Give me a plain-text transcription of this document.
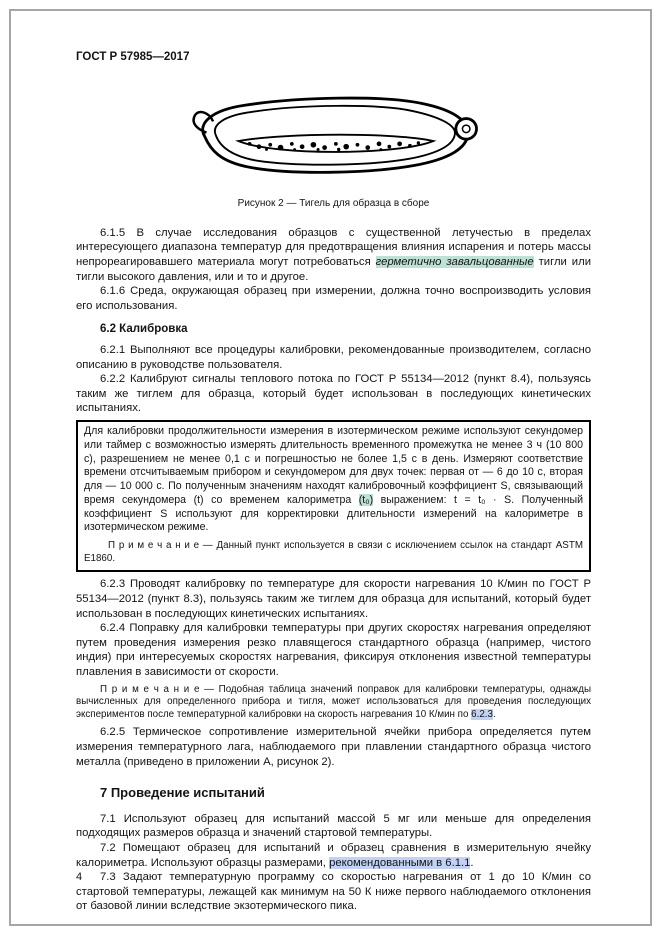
ГОСТ Р 57985—2017
Рисунок 2 — Тигель для образца в сборе

6.1.5 В случае исследования образцов с существенной летучестью в пределах интересующего диапазона температур для предотвращения влияния испарения и потерь массы непрореагировавшего материала могут потребоваться герметично завальцованные тигли или тигли высокого давления, или и то и другое.

6.1.6 Среда, окружающая образец при измерении, должна точно воспроизводить условия его использования.

6.2 Калибровка

6.2.1 Выполняют все процедуры калибровки, рекомендованные производителем, согласно описанию в руководстве пользователя.

6.2.2 Калибруют сигналы теплового потока по ГОСТ Р 55134—2012 (пункт 8.4), пользуясь таким же тиглем для образца, который будет использован в последующих кинетических испытаниях.

Для калибровки продолжительности измерения в изотермическом режиме используют секундомер или таймер с возможностью измерять длительность временного промежутка не менее 3 ч (10 800 с), разрешением не менее 0,1 с и погрешностью не более 1,5 с в день. Измеряют соответствие времени отсчитываемым прибором и секундомером для двух точек: первая от — 6 до 10 с, вторая для — 10 000 с. По полученным значениям находят калибровочный коэффициент S, связывающий время секундомера (t) со временем калориметра (t₀) выражением: t = t₀ · S. Полученный коэффициент S используют для корректировки длительности измерений на калориметре в изотермическом режиме.

П р и м е ч а н и е — Данный пункт используется в связи с исключением ссылок на стандарт ASTM E1860.

6.2.3 Проводят калибровку по температуре для скорости нагревания 10 К/мин по ГОСТ Р 55134—2012 (пункт 8.3), пользуясь таким же тиглем для образца для испытаний, который будет использован в последующих кинетических испытаниях.

6.2.4 Поправку для калибровки температуры при других скоростях нагревания определяют путем проведения измерения резко плавящегося стандартного образца (например, чистого индия) при интересуемых скоростях нагревания, фиксируя отклонения известной температуры плавления в зависимости от скорости.

П р и м е ч а н и е — Подобная таблица значений поправок для калибровки температуры, однажды вычисленных для определенного прибора и тигля, может использоваться для проведения последующих экспериментов после температурной калибровки на скорость нагревания 10 К/мин по 6.2.3.

6.2.5 Термическое сопротивление измерительной ячейки прибора определяется путем измерения температурного лага, наблюдаемого при плавлении стандартного образца чистого металла (приведено в приложении А, рисунок 2).

7 Проведение испытаний

7.1 Используют образец для испытаний массой 5 мг или меньше для определения подходящих размеров образца и значений стартовой температуры.

7.2 Помещают образец для испытаний и образец сравнения в измерительную ячейку калориметра. Используют образцы размерами, рекомендованными в 6.1.1.

7.3 Задают температурную программу со скоростью нагревания от 1 до 10 К/мин со стартовой температуры, лежащей как минимум на 50 К ниже первого наблюдаемого отклонения от базовой линии вследствие экзотермического пика.

4
